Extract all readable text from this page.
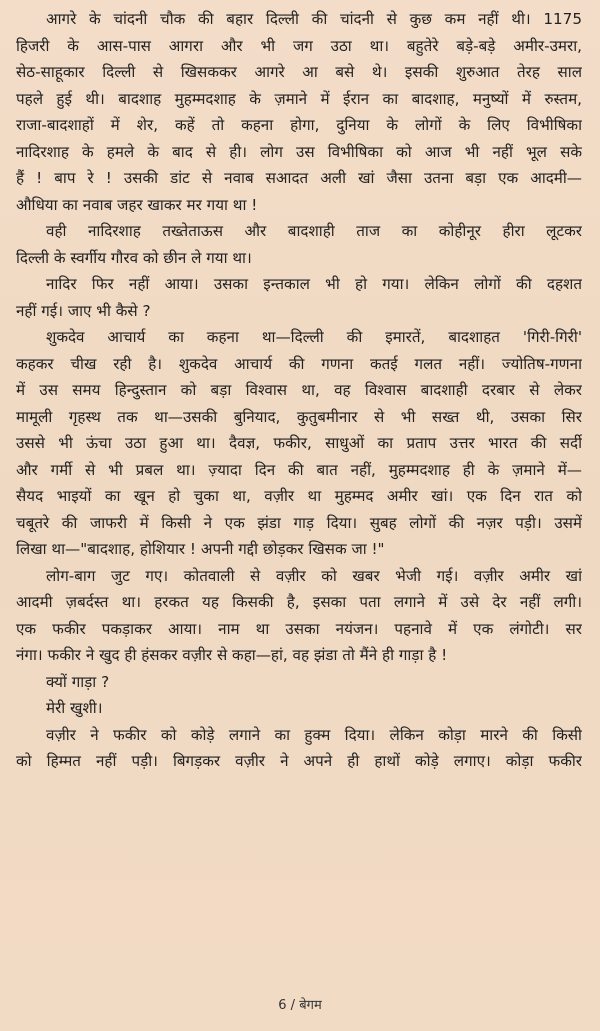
आगरे के चांदनी चौक की बहार दिल्ली की चांदनी से कुछ कम नहीं थी। 1175
हिजरी के आस-पास आगरा और भी जग उठा था। बहुतेरे बड़े-बड़े अमीर-उमरा,
सेठ-साहूकार दिल्ली से खिसककर आगरे आ बसे थे। इसकी शुरुआत तेरह साल
पहले हुई थी। बादशाह मुहम्मदशाह के ज़माने में ईरान का बादशाह, मनुष्यों में रुस्तम,
राजा-बादशाहों में शेर, कहें तो कहना होगा, दुनिया के लोगों के लिए विभीषिका
नादिरशाह के हमले के बाद से ही। लोग उस विभीषिका को आज भी नहीं भूल सके
हैं ! बाप रे ! उसकी डांट से नवाब सआदत अली खां जैसा उतना बड़ा एक आदमी—
औधिया का नवाब जहर खाकर मर गया था !
वही नादिरशाह तख्तेताऊस और बादशाही ताज का कोहीनूर हीरा लूटकर
दिल्ली के स्वर्गीय गौरव को छीन ले गया था।
नादिर फिर नहीं आया। उसका इन्तकाल भी हो गया। लेकिन लोगों की दहशत
नहीं गई। जाए भी कैसे ?
शुकदेव आचार्य का कहना था—दिल्ली की इमारतें, बादशाहत 'गिरी-गिरी'
कहकर चीख रही है। शुकदेव आचार्य की गणना कतई गलत नहीं। ज्योतिष-गणना
में उस समय हिन्दुस्तान को बड़ा विश्वास था, वह विश्वास बादशाही दरबार से लेकर
मामूली गृहस्थ तक था—उसकी बुनियाद, कुतुबमीनार से भी सख्त थी, उसका सिर
उससे भी ऊंचा उठा हुआ था। दैवज्ञ, फकीर, साधुओं का प्रताप उत्तर भारत की सर्दी
और गर्मी से भी प्रबल था। ज़्यादा दिन की बात नहीं, मुहम्मदशाह ही के ज़माने में—
सैयद भाइयों का खून हो चुका था, वज़ीर था मुहम्मद अमीर खां। एक दिन रात को
चबूतरे की जाफरी में किसी ने एक झंडा गाड़ दिया। सुबह लोगों की नज़र पड़ी। उसमें
लिखा था—"बादशाह, होशियार ! अपनी गद्दी छोड़कर खिसक जा !"
लोग-बाग जुट गए। कोतवाली से वज़ीर को खबर भेजी गई। वज़ीर अमीर खां
आदमी ज़बर्दस्त था। हरकत यह किसकी है, इसका पता लगाने में उसे देर नहीं लगी।
एक फकीर पकड़ाकर आया। नाम था उसका नयंजन। पहनावे में एक लंगोटी। सर
नंगा। फकीर ने खुद ही हंसकर वज़ीर से कहा—हां, वह झंडा तो मैंने ही गाड़ा है !
क्यों गाड़ा ?
मेरी खुशी।
वज़ीर ने फकीर को कोड़े लगाने का हुक्म दिया। लेकिन कोड़ा मारने की किसी
को हिम्मत नहीं पड़ी। बिगड़कर वज़ीर ने अपने ही हाथों कोड़े लगाए। कोड़ा फकीर
6 / बेगम
